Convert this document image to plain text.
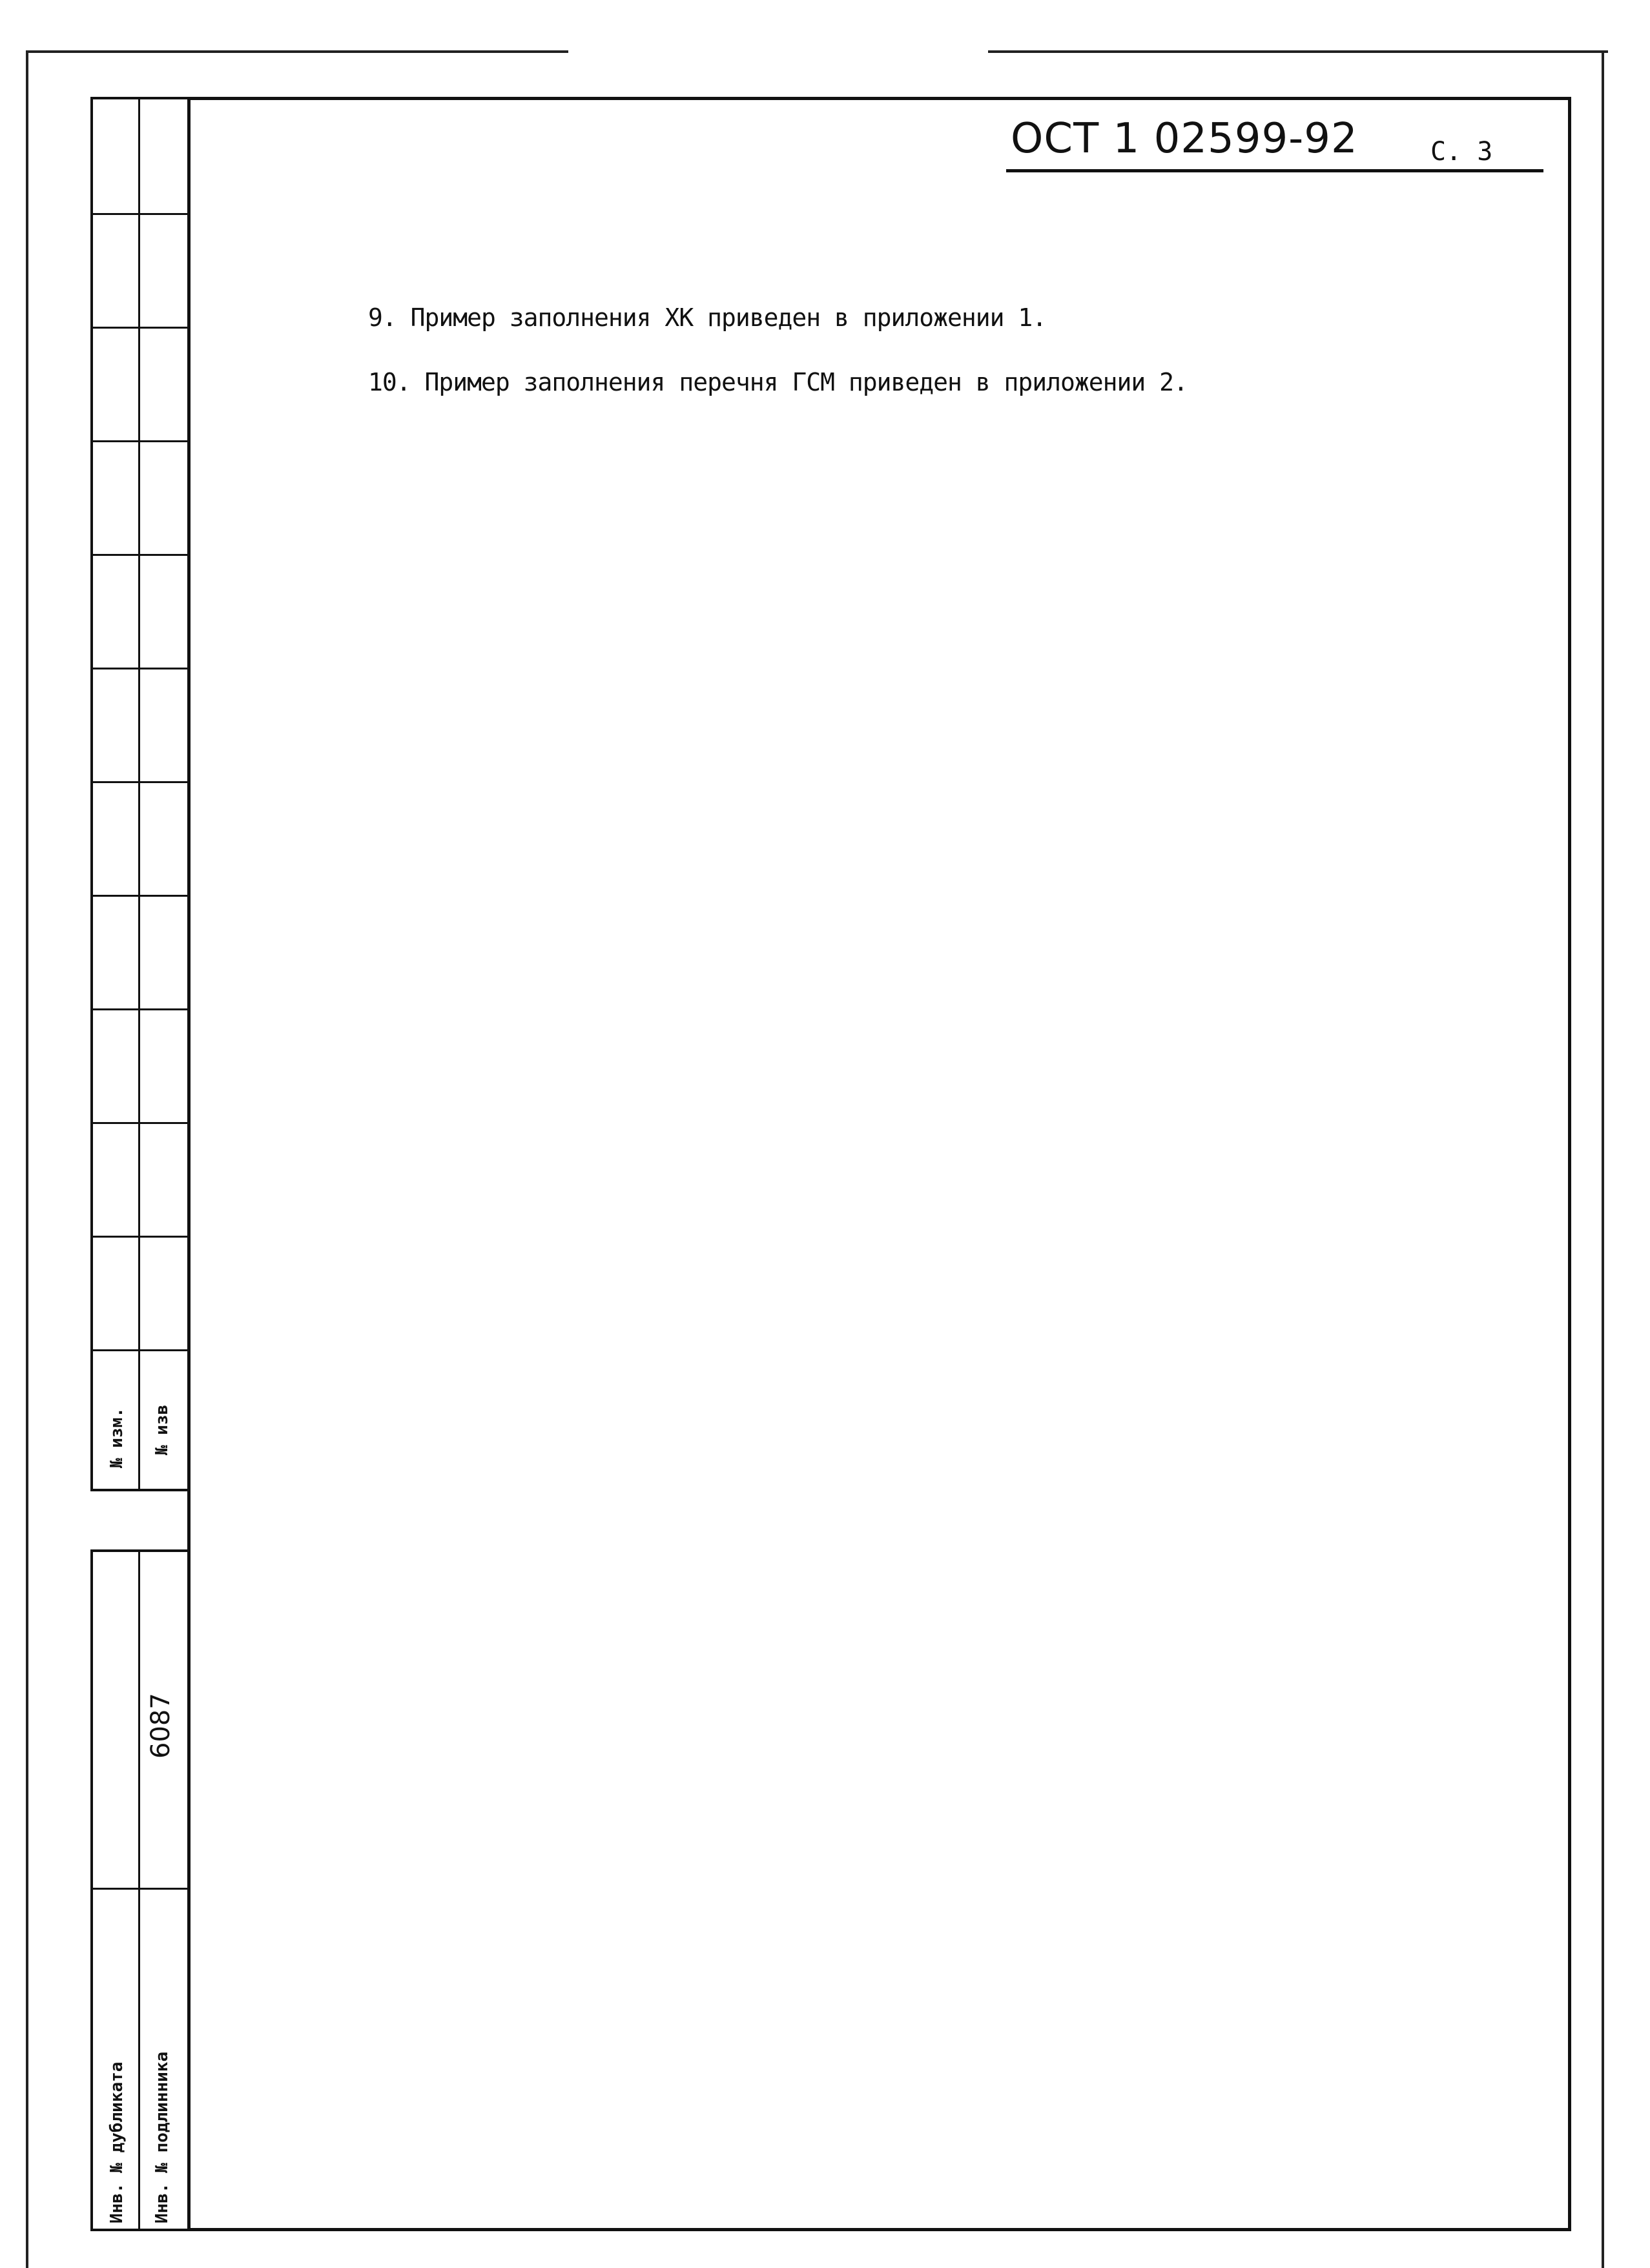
№ изм. № изв
Инв. № дубликата Инв. № подлинника
6087
ОСТ 1 02599-92	С. 3
9. Пример заполнения ХК приведен в приложении 1.
10. Пример заполнения перечня ГСМ приведен в приложении 2.
